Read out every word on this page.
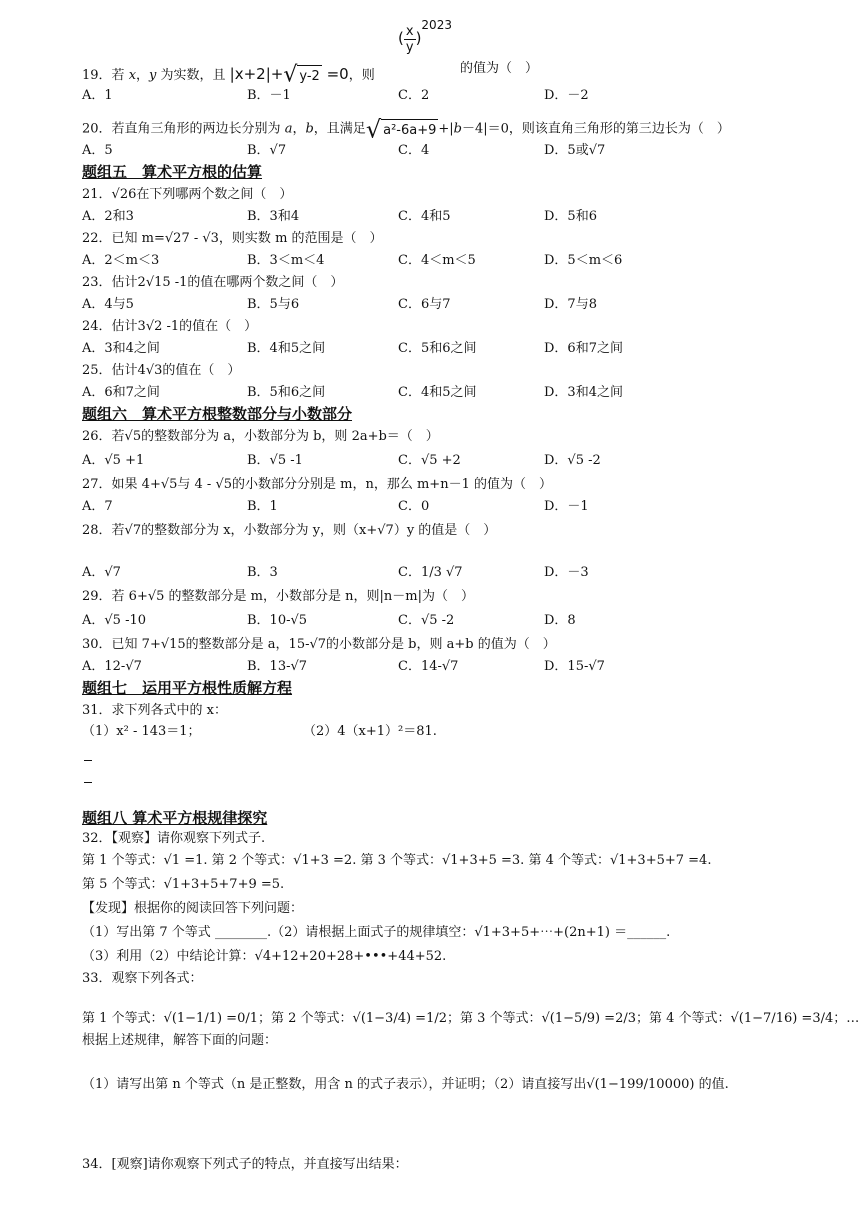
19．若 x，y 为实数，且 |x+2|+√ y-2 =0，则
( $\frac{x}{y} )2023$
的值为（　）
A．1	B．－1	C．2	D．－2
20．若直角三角形的两边长分别为 a，b，且满足√ a²-6a+9 +|b－4|＝0，则该直角三角形的第三边长为（　）
A．5	B．√7	C．4	D．5或√7
题组五　算术平方根的估算
21．√26在下列哪两个数之间（　）
A．2和3	B．3和4	C．4和5	D．5和6
22．已知 m=√27 - √3，则实数 m 的范围是（　）
A．2＜m＜3	B．3＜m＜4	C．4＜m＜5	D．5＜m＜6
23．估计2√15 -1的值在哪两个数之间（　）
A．4与5	B．5与6	C．6与7	D．7与8
24．估计3√2 -1的值在（　）
A．3和4之间	B．4和5之间	C．5和6之间	D．6和7之间
25．估计4√3的值在（　）
A．6和7之间	B．5和6之间	C．4和5之间	D．3和4之间
题组六　算术平方根整数部分与小数部分
26．若√5的整数部分为 a，小数部分为 b，则 2a+b＝（　）
A．√5 +1	B．√5 -1	C．√5 +2	D．√5 -2
27．如果 4+√5与 4 - √5的小数部分分别是 m，n，那么 m+n－1 的值为（　）
A．7	B．1	C．0	D．－1
28．若√7的整数部分为 x，小数部分为 y，则（x+√7）y 的值是（　）
A．√7	B．3	C．1/3 √7	D．－3
29．若 6+√5 的整数部分是 m，小数部分是 n，则|n－m|为（　）
A．√5 -10	B．10-√5	C．√5 -2	D．8
30．已知 7+√15的整数部分是 a，15-√7的小数部分是 b，则 a+b 的值为（　）
A．12-√7	B．13-√7	C．14-√7	D．15-√7
题组七　运用平方根性质解方程
31．求下列各式中的 x：
（1）x² - 143＝1；	（2）4（x+1）²＝81.
题组八 算术平方根规律探究
32．【观察】请你观察下列式子.
第 1 个等式：√1 =1. 第 2 个等式：√1+3 =2. 第 3 个等式：√1+3+5 =3. 第 4 个等式：√1+3+5+7 =4.
第 5 个等式：√1+3+5+7+9 =5.
【发现】根据你的阅读回答下列问题：
（1）写出第 7 个等式 ________.（2）请根据上面式子的规律填空：√1+3+5+⋯+(2n+1) ＝______.
（3）利用（2）中结论计算：√4+12+20+28+•••+44+52.
33．观察下列各式：
第 1 个等式：√(1−1/1) =0/1；第 2 个等式：√(1−3/4) =1/2；第 3 个等式：√(1−5/9) =2/3；第 4 个等式：√(1−7/16) =3/4；…
根据上述规律，解答下面的问题：
（1）请写出第 n 个等式（n 是正整数，用含 n 的式子表示），并证明；（2）请直接写出√(1−199/10000) 的值.
34．[观察]请你观察下列式子的特点，并直接写出结果：
